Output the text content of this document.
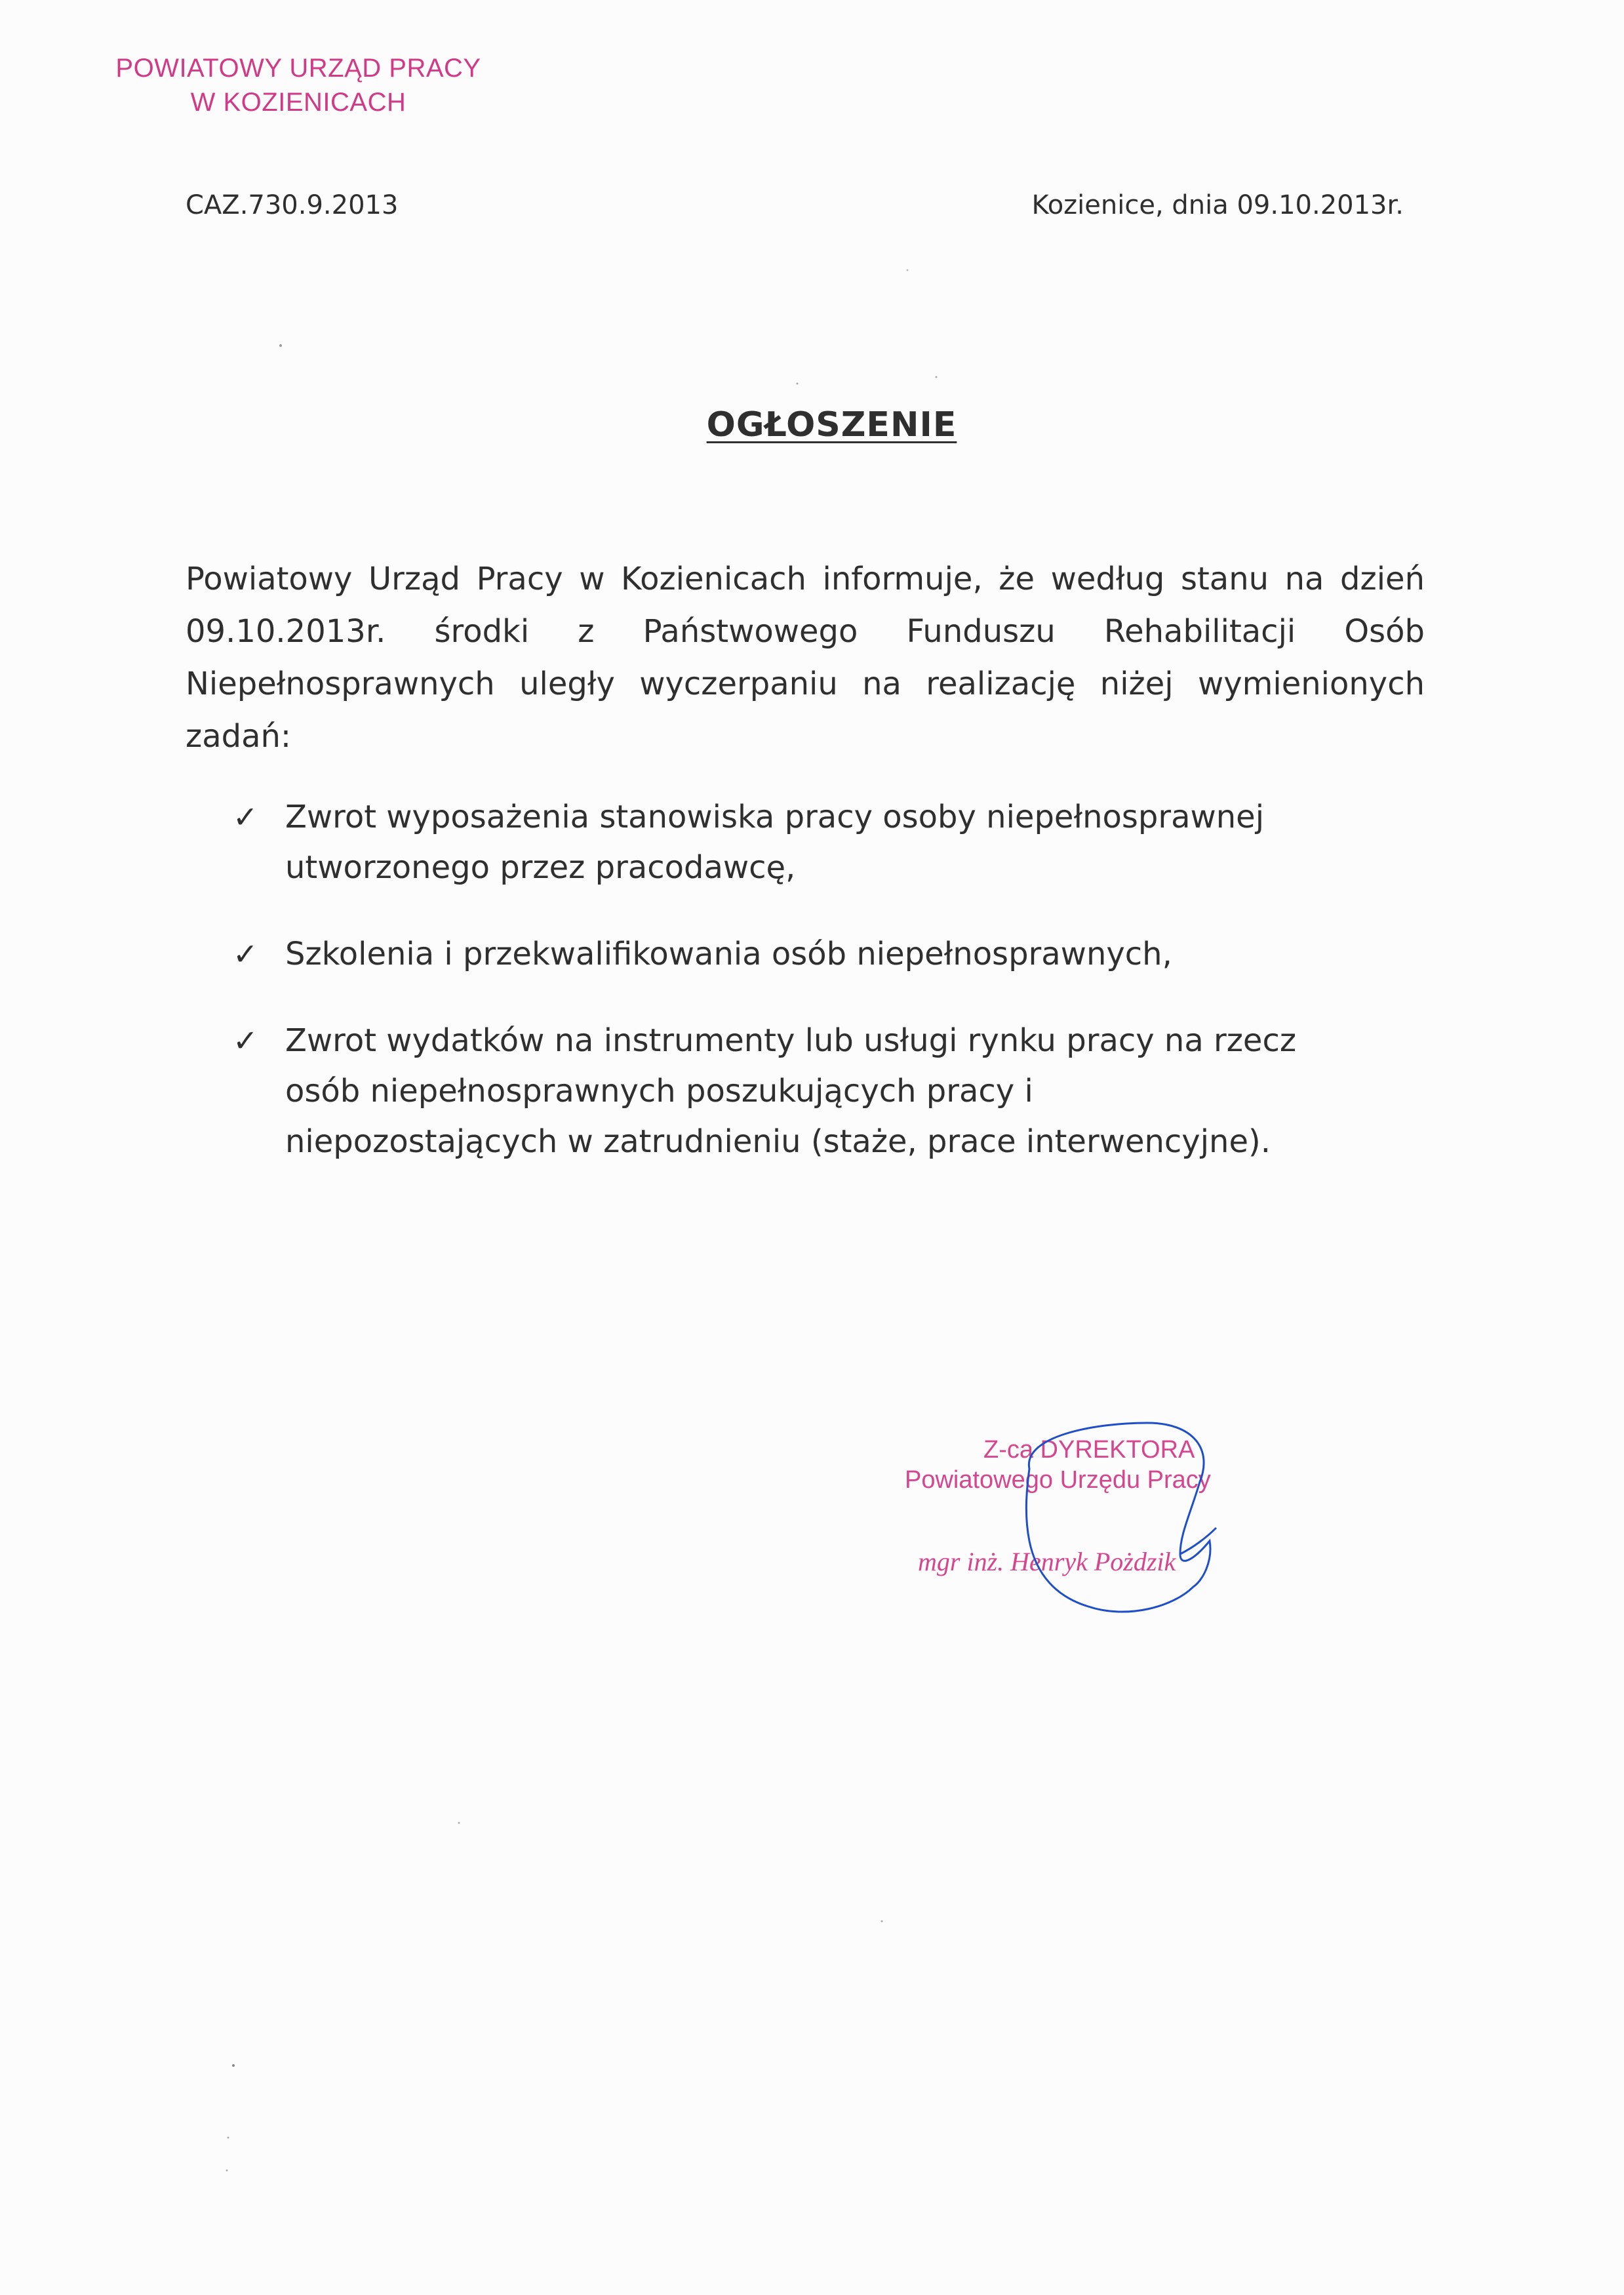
POWIATOWY URZĄD PRACY
W KOZIENICACH
CAZ.730.9.2013	Kozienice, dnia 09.10.2013r.
OGŁOSZENIE
Powiatowy Urząd Pracy w Kozienicach informuje, że według stanu na dzień 09.10.2013r. środki z Państwowego Funduszu Rehabilitacji Osób Niepełnosprawnych uległy wyczerpaniu na realizację niżej wymienionych zadań:
✓ Zwrot wyposażenia stanowiska pracy osoby niepełnosprawnej utworzonego przez pracodawcę,
✓ Szkolenia i przekwalifikowania osób niepełnosprawnych,
✓ Zwrot wydatków na instrumenty lub usługi rynku pracy na rzecz osób niepełnosprawnych poszukujących pracy i niepozostających w zatrudnieniu (staże, prace interwencyjne).
Z-ca DYREKTORA
Powiatowego Urzędu Pracy
mgr inż. Henryk Pożdzik
